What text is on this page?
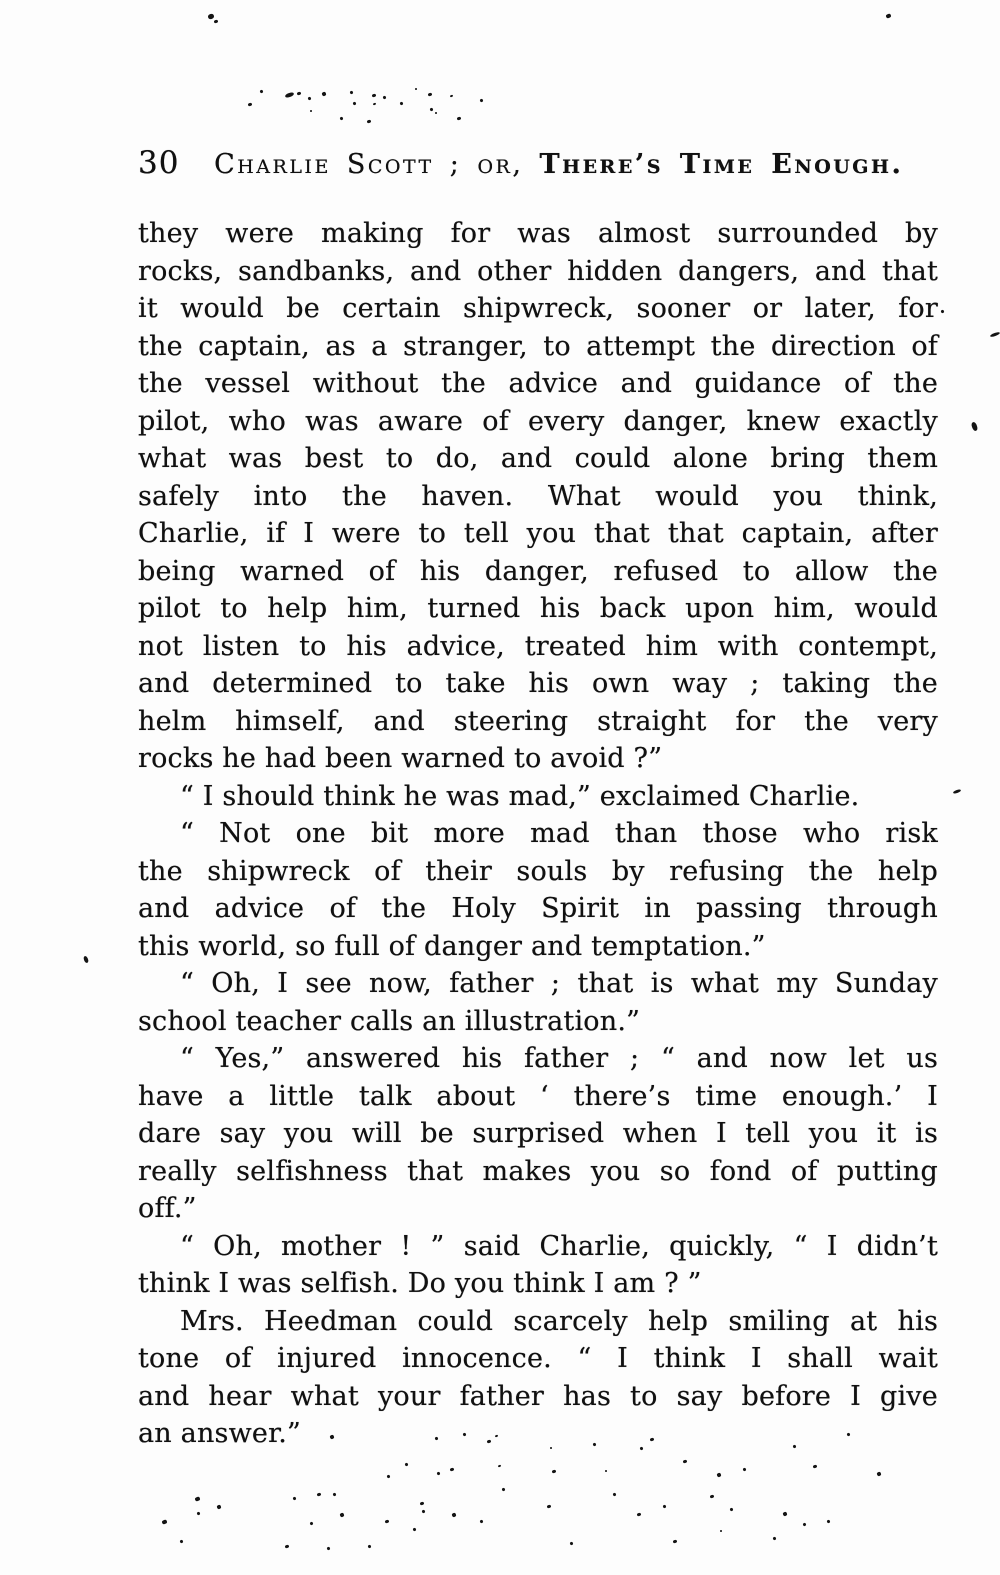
30	Charlie Scott ; or, There’s Time Enough.
they were making for was almost surrounded by
rocks, sandbanks, and other hidden dangers, and that
it would be certain shipwreck, sooner or later, for
the captain, as a stranger, to attempt the direction of
the vessel without the advice and guidance of the
pilot, who was aware of every danger, knew exactly
what was best to do, and could alone bring them
safely into the haven. What would you think,
Charlie, if I were to tell you that that captain, after
being warned of his danger, refused to allow the
pilot to help him, turned his back upon him, would
not listen to his advice, treated him with contempt,
and determined to take his own way ; taking the
helm himself, and steering straight for the very
rocks he had been warned to avoid ?”
“ I should think he was mad,” exclaimed Charlie.
“ Not one bit more mad than those who risk
the shipwreck of their souls by refusing the help
and advice of the Holy Spirit in passing through
this world, so full of danger and temptation.”
“ Oh, I see now, father ; that is what my Sunday
school teacher calls an illustration.”
“ Yes,” answered his father ; “ and now let us
have a little talk about ‘ there’s time enough.’ I
dare say you will be surprised when I tell you it is
really selfishness that makes you so fond of putting
off.”
“ Oh, mother ! ” said Charlie, quickly, “ I didn’t
think I was selfish. Do you think I am ? ”
Mrs. Heedman could scarcely help smiling at his
tone of injured innocence. “ I think I shall wait
and hear what your father has to say before I give
an answer.”
